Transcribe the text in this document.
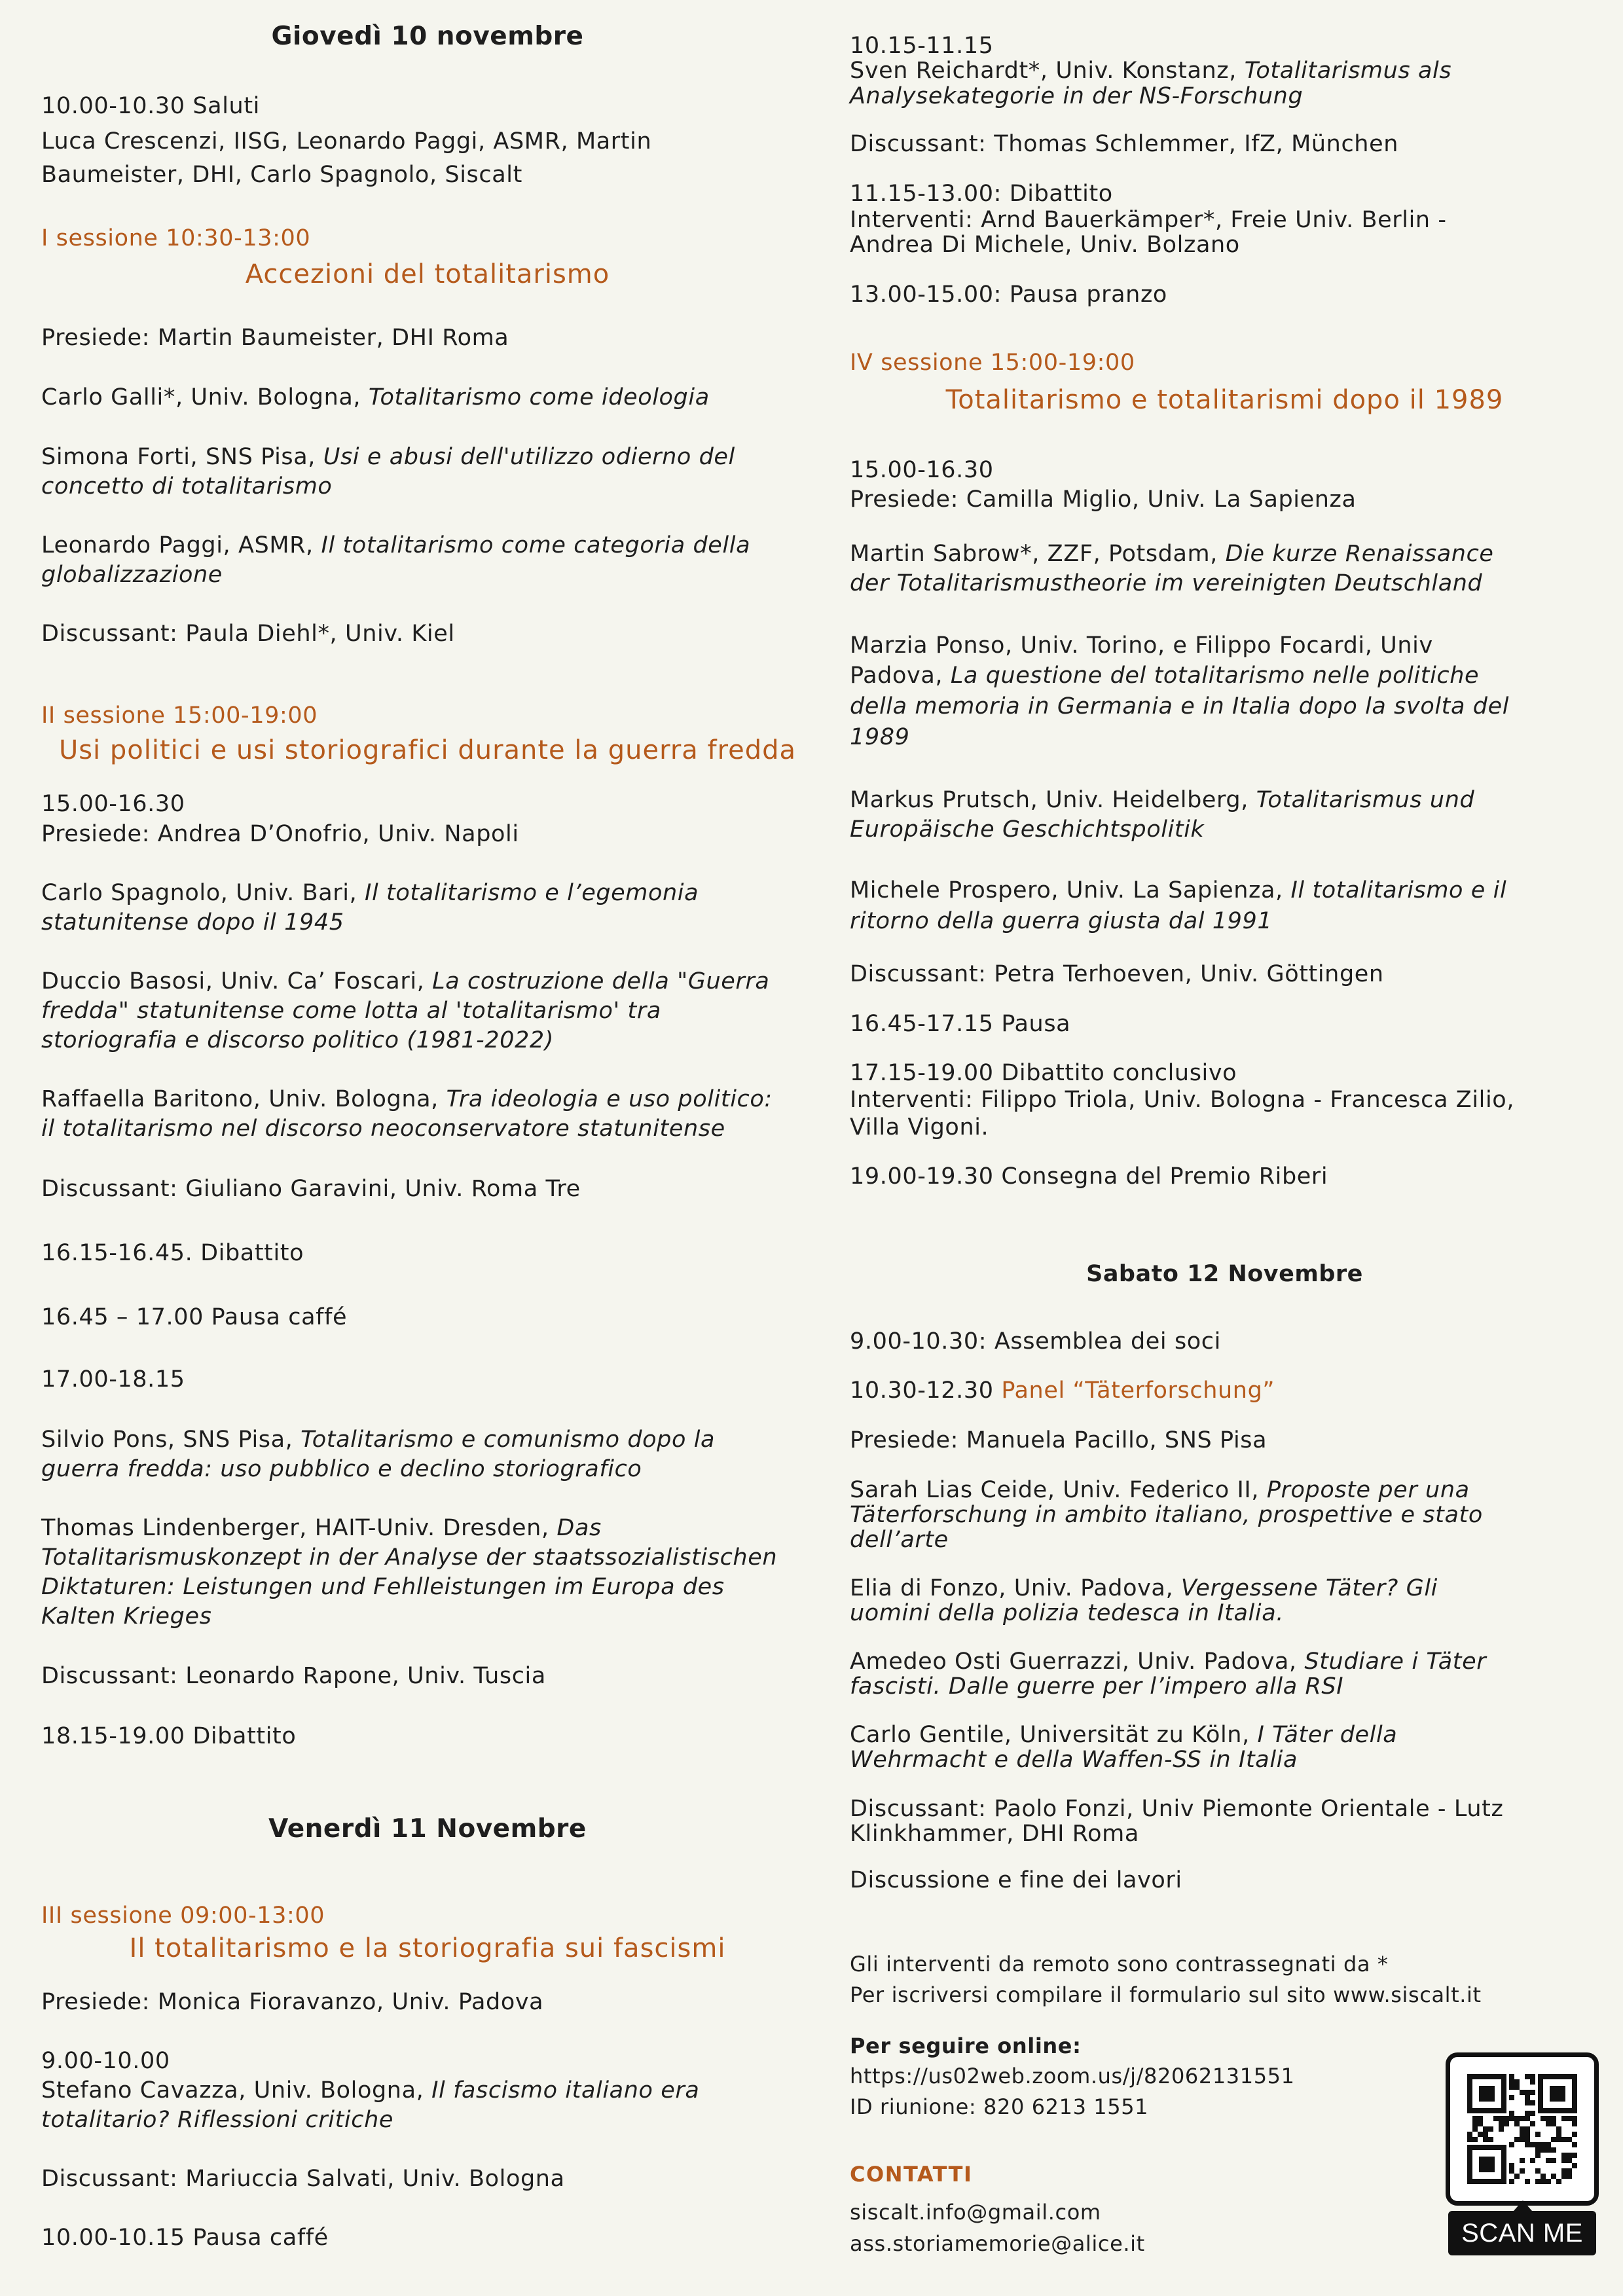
Giovedì 10 novembre
10.00-10.30 Saluti
Luca Crescenzi, IISG, Leonardo Paggi, ASMR, Martin
Baumeister, DHI, Carlo Spagnolo, Siscalt
I sessione 10:30-13:00
Accezioni del totalitarismo
Presiede: Martin Baumeister, DHI Roma
Carlo Galli*, Univ. Bologna, Totalitarismo come ideologia
Simona Forti, SNS Pisa, Usi e abusi dell'utilizzo odierno del
concetto di totalitarismo
Leonardo Paggi, ASMR, Il totalitarismo come categoria della
globalizzazione
Discussant: Paula Diehl*, Univ. Kiel
II sessione 15:00-19:00
Usi politici e usi storiografici durante la guerra fredda
15.00-16.30
Presiede: Andrea D’Onofrio, Univ. Napoli
Carlo Spagnolo, Univ. Bari, Il totalitarismo e l’egemonia
statunitense dopo il 1945
Duccio Basosi, Univ. Ca’ Foscari, La costruzione della "Guerra
fredda" statunitense come lotta al 'totalitarismo' tra
storiografia e discorso politico (1981-2022)
Raffaella Baritono, Univ. Bologna, Tra ideologia e uso politico:
il totalitarismo nel discorso neoconservatore statunitense
Discussant: Giuliano Garavini, Univ. Roma Tre
16.15-16.45. Dibattito
16.45 – 17.00 Pausa caffé
17.00-18.15
Silvio Pons, SNS Pisa, Totalitarismo e comunismo dopo la
guerra fredda: uso pubblico e declino storiografico
Thomas Lindenberger, HAIT-Univ. Dresden, Das
Totalitarismuskonzept in der Analyse der staatssozialistischen
Diktaturen: Leistungen und Fehlleistungen im Europa des
Kalten Krieges
Discussant: Leonardo Rapone, Univ. Tuscia
18.15-19.00 Dibattito
Venerdì 11 Novembre
III sessione 09:00-13:00
Il totalitarismo e la storiografia sui fascismi
Presiede: Monica Fioravanzo, Univ. Padova
9.00-10.00
Stefano Cavazza, Univ. Bologna, Il fascismo italiano era
totalitario? Riflessioni critiche
Discussant: Mariuccia Salvati, Univ. Bologna
10.00-10.15 Pausa caffé
10.15-11.15
Sven Reichardt*, Univ. Konstanz, Totalitarismus als
Analysekategorie in der NS-Forschung
Discussant: Thomas Schlemmer, IfZ, München
11.15-13.00: Dibattito
Interventi: Arnd Bauerkämper*, Freie Univ. Berlin -
Andrea Di Michele, Univ. Bolzano
13.00-15.00: Pausa pranzo
IV sessione 15:00-19:00
Totalitarismo e totalitarismi dopo il 1989
15.00-16.30
Presiede: Camilla Miglio, Univ. La Sapienza
Martin Sabrow*, ZZF, Potsdam, Die kurze Renaissance
der Totalitarismustheorie im vereinigten Deutschland
Marzia Ponso, Univ. Torino, e Filippo Focardi, Univ
Padova, La questione del totalitarismo nelle politiche
della memoria in Germania e in Italia dopo la svolta del
1989
Markus Prutsch, Univ. Heidelberg, Totalitarismus und
Europäische Geschichtspolitik
Michele Prospero, Univ. La Sapienza, Il totalitarismo e il
ritorno della guerra giusta dal 1991
Discussant: Petra Terhoeven, Univ. Göttingen
16.45-17.15 Pausa
17.15-19.00 Dibattito conclusivo
Interventi: Filippo Triola, Univ. Bologna - Francesca Zilio,
Villa Vigoni.
19.00-19.30 Consegna del Premio Riberi
Sabato 12 Novembre
9.00-10.30: Assemblea dei soci
10.30-12.30 Panel “Täterforschung”
Presiede: Manuela Pacillo, SNS Pisa
Sarah Lias Ceide, Univ. Federico II, Proposte per una
Täterforschung in ambito italiano, prospettive e stato
dell’arte
Elia di Fonzo, Univ. Padova, Vergessene Täter? Gli
uomini della polizia tedesca in Italia.
Amedeo Osti Guerrazzi, Univ. Padova, Studiare i Täter
fascisti. Dalle guerre per l’impero alla RSI
Carlo Gentile, Universität zu Köln, I Täter della
Wehrmacht e della Waffen-SS in Italia
Discussant: Paolo Fonzi, Univ Piemonte Orientale - Lutz
Klinkhammer, DHI Roma
Discussione e fine dei lavori
Gli interventi da remoto sono contrassegnati da *
Per iscriversi compilare il formulario sul sito www.siscalt.it
Per seguire online:
https://us02web.zoom.us/j/82062131551
ID riunione: 820 6213 1551
CONTATTI
siscalt.info@gmail.com
ass.storiamemorie@alice.it	SCAN ME
